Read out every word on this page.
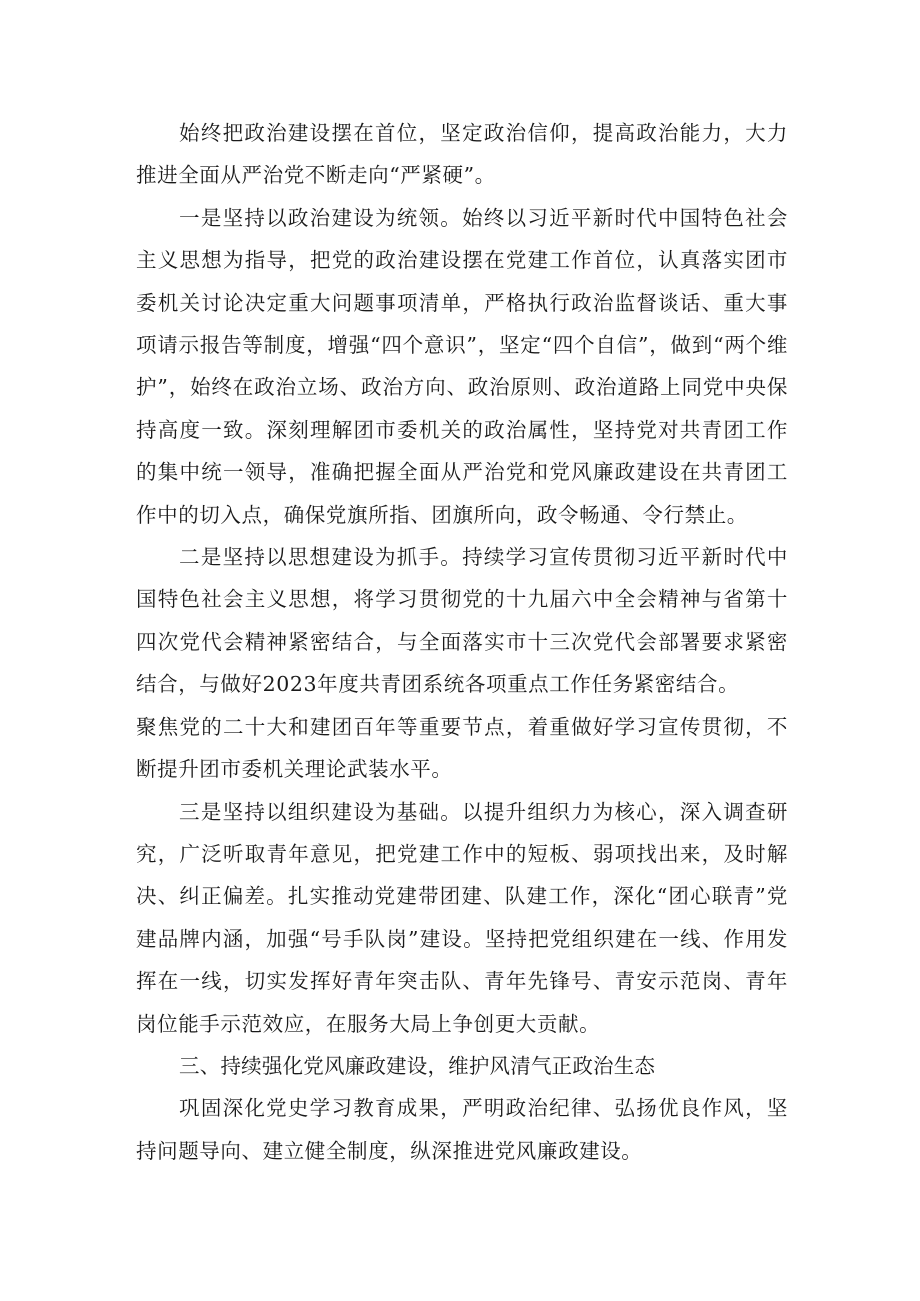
始终把政治建设摆在首位，坚定政治信仰，提高政治能力，大力推进全面从严治党不断走向“严紧硬”。

一是坚持以政治建设为统领。始终以习近平新时代中国特色社会主义思想为指导，把党的政治建设摆在党建工作首位，认真落实团市委机关讨论决定重大问题事项清单，严格执行政治监督谈话、重大事项请示报告等制度，增强“四个意识”，坚定“四个自信”，做到“两个维护”，始终在政治立场、政治方向、政治原则、政治道路上同党中央保持高度一致。深刻理解团市委机关的政治属性，坚持党对共青团工作的集中统一领导，准确把握全面从严治党和党风廉政建设在共青团工作中的切入点，确保党旗所指、团旗所向，政令畅通、令行禁止。

二是坚持以思想建设为抓手。持续学习宣传贯彻习近平新时代中国特色社会主义思想，将学习贯彻党的十九届六中全会精神与省第十四次党代会精神紧密结合，与全面落实市十三次党代会部署要求紧密结合，与做好2023年度共青团系统各项重点工作任务紧密结合。

聚焦党的二十大和建团百年等重要节点，着重做好学习宣传贯彻，不断提升团市委机关理论武装水平。

三是坚持以组织建设为基础。以提升组织力为核心，深入调查研究，广泛听取青年意见，把党建工作中的短板、弱项找出来，及时解决、纠正偏差。扎实推动党建带团建、队建工作，深化“团心联青”党建品牌内涵，加强“号手队岗”建设。坚持把党组织建在一线、作用发挥在一线，切实发挥好青年突击队、青年先锋号、青安示范岗、青年岗位能手示范效应，在服务大局上争创更大贡献。

三、持续强化党风廉政建设，维护风清气正政治生态

巩固深化党史学习教育成果，严明政治纪律、弘扬优良作风，坚持问题导向、建立健全制度，纵深推进党风廉政建设。
